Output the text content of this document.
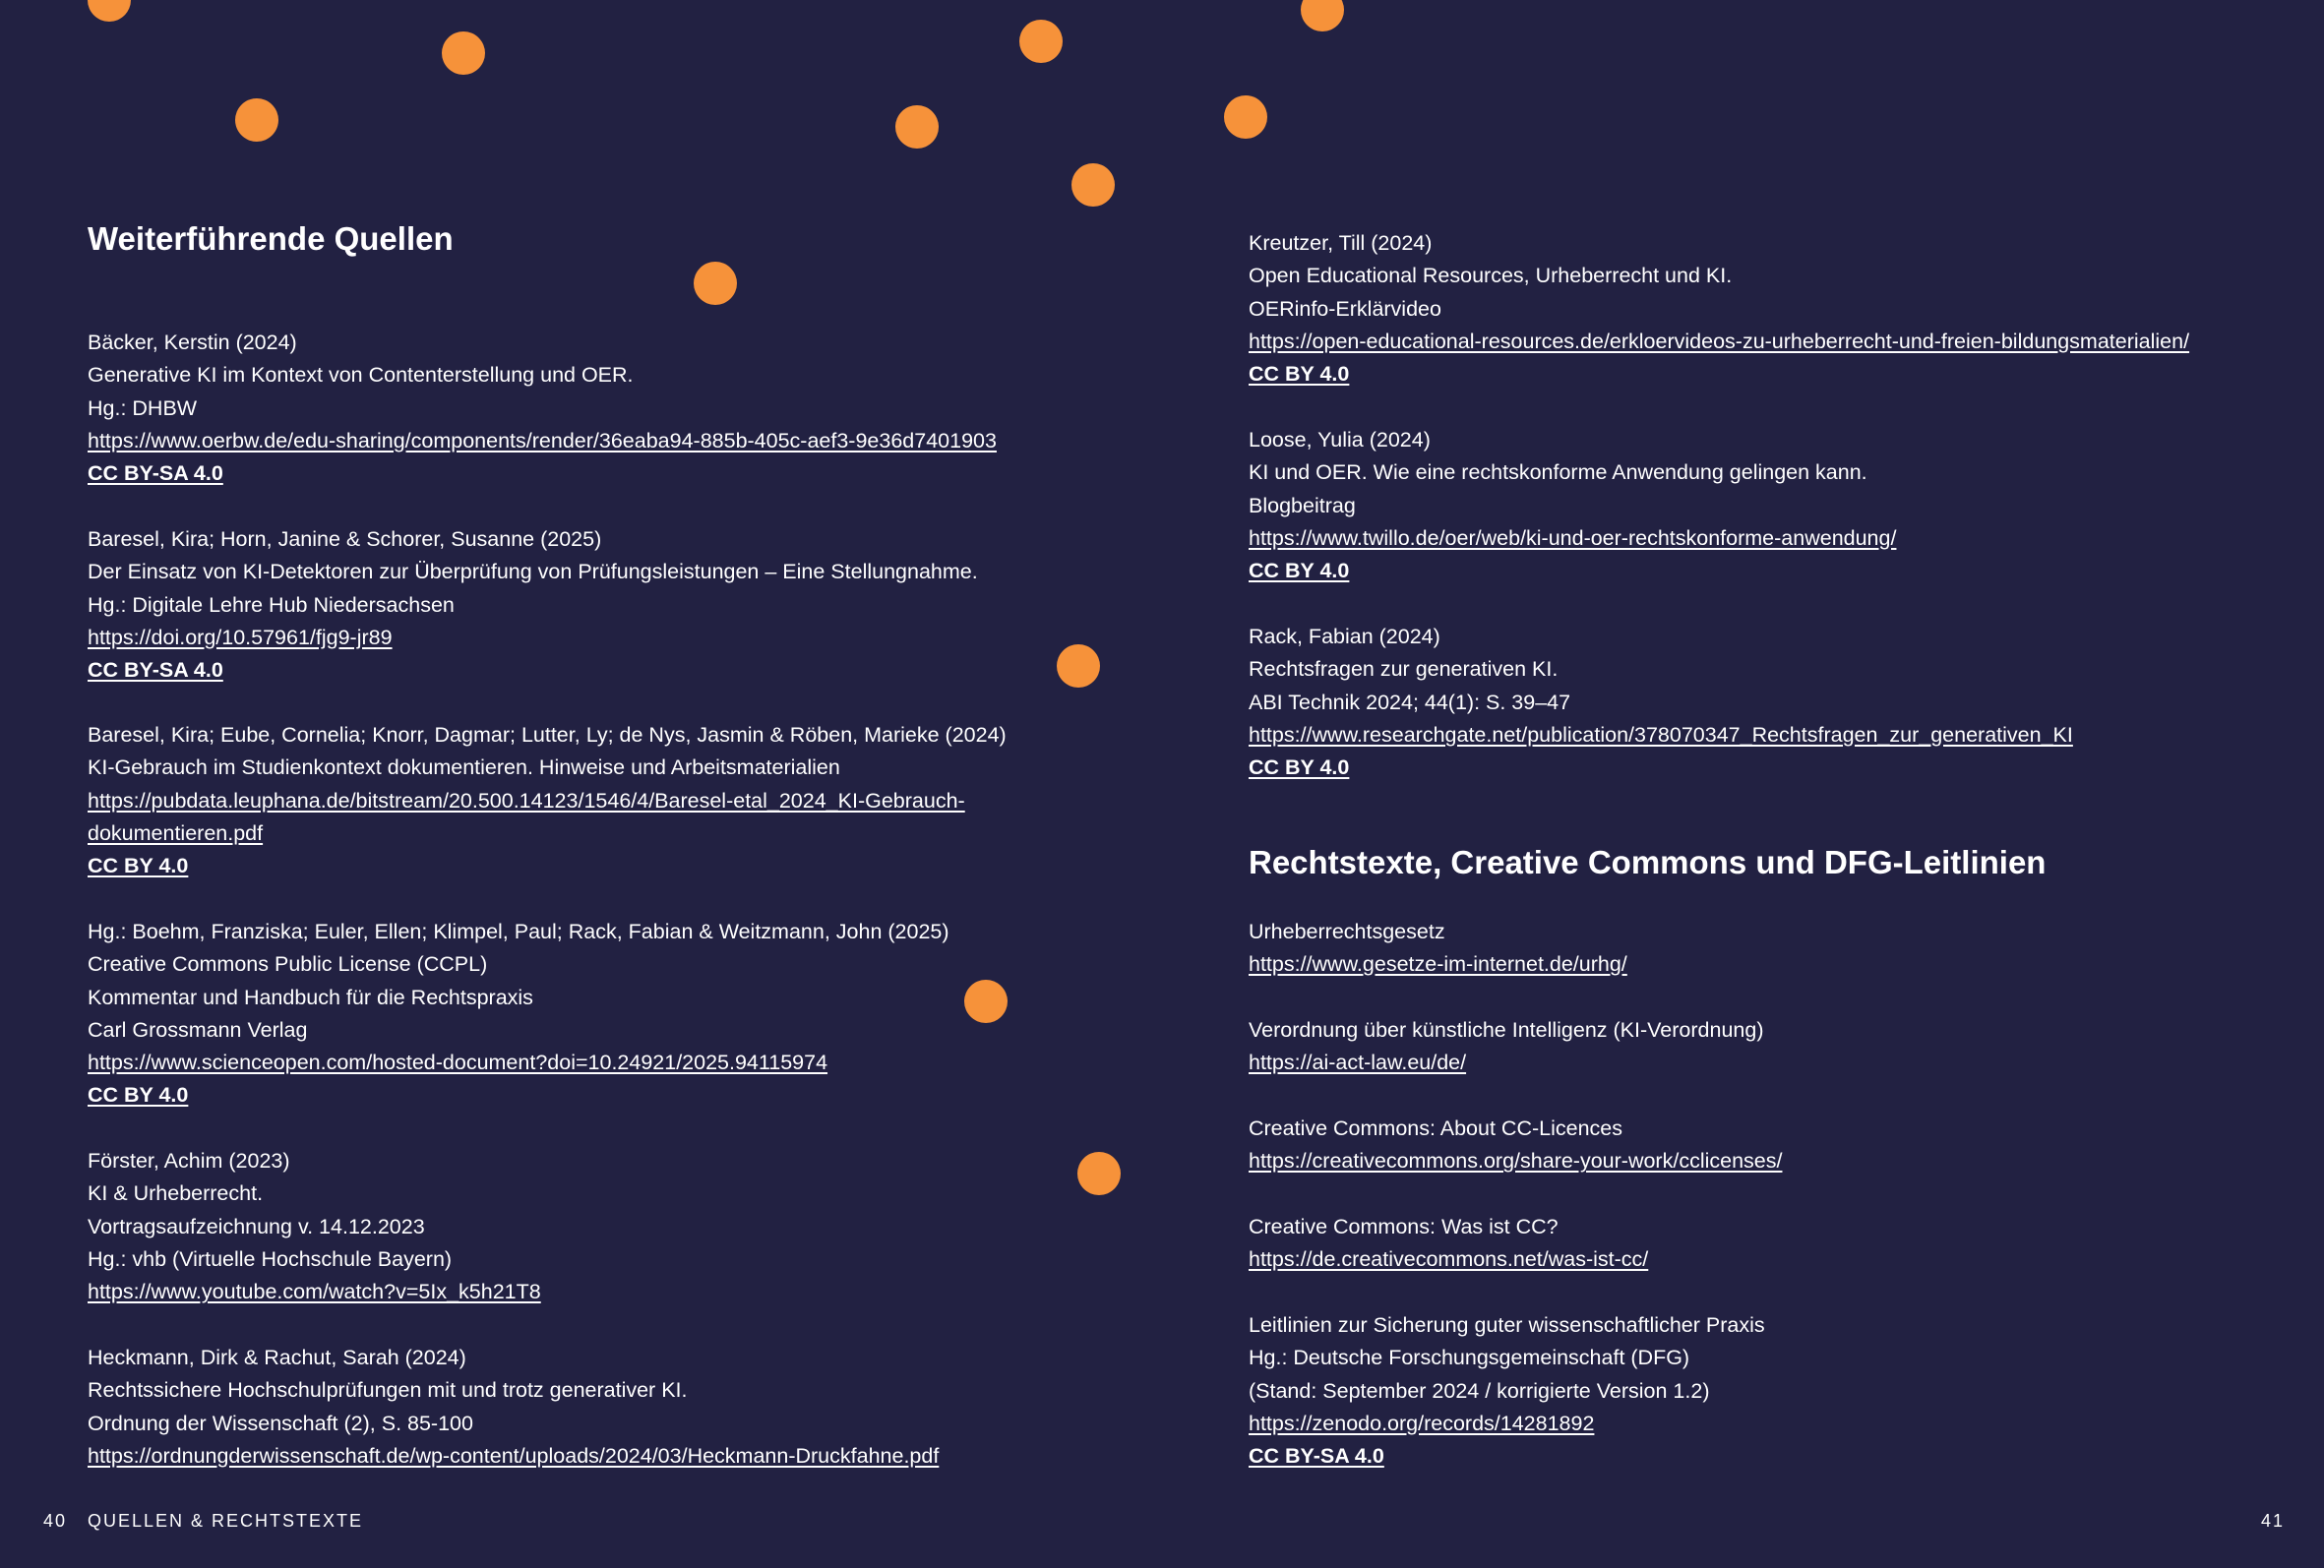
Weiterführende Quellen
Bäcker, Kerstin (2024)
Generative KI im Kontext von Contenterstellung und OER.
Hg.: DHBW
https://www.oerbw.de/edu-sharing/components/render/36eaba94-885b-405c-aef3-9e36d7401903
CC BY-SA 4.0
Baresel, Kira; Horn, Janine & Schorer, Susanne (2025)
Der Einsatz von KI-Detektoren zur Überprüfung von Prüfungsleistungen – Eine Stellungnahme.
Hg.: Digitale Lehre Hub Niedersachsen
https://doi.org/10.57961/fjg9-jr89
CC BY-SA 4.0
Baresel, Kira; Eube, Cornelia; Knorr, Dagmar; Lutter, Ly; de Nys, Jasmin & Röben, Marieke (2024)
KI-Gebrauch im Studienkontext dokumentieren. Hinweise und Arbeitsmaterialien
https://pubdata.leuphana.de/bitstream/20.500.14123/1546/4/Baresel-etal_2024_KI-Gebrauch-
dokumentieren.pdf
CC BY 4.0
Hg.: Boehm, Franziska; Euler, Ellen; Klimpel, Paul; Rack, Fabian & Weitzmann, John (2025)
Creative Commons Public License (CCPL)
Kommentar und Handbuch für die Rechtspraxis
Carl Grossmann Verlag
https://www.scienceopen.com/hosted-document?doi=10.24921/2025.94115974
CC BY 4.0
Förster, Achim (2023)
KI & Urheberrecht.
Vortragsaufzeichnung v. 14.12.2023
Hg.: vhb (Virtuelle Hochschule Bayern)
https://www.youtube.com/watch?v=5Ix_k5h21T8
Heckmann, Dirk & Rachut, Sarah (2024)
Rechtssichere Hochschulprüfungen mit und trotz generativer KI.
Ordnung der Wissenschaft (2), S. 85-100
https://ordnungderwissenschaft.de/wp-content/uploads/2024/03/Heckmann-Druckfahne.pdf
Kreutzer, Till (2024)
Open Educational Resources, Urheberrecht und KI.
OERinfo-Erklärvideo
https://open-educational-resources.de/erkloervideos-zu-urheberrecht-und-freien-bildungsmaterialien/
CC BY 4.0
Loose, Yulia (2024)
KI und OER. Wie eine rechtskonforme Anwendung gelingen kann.
Blogbeitrag
https://www.twillo.de/oer/web/ki-und-oer-rechtskonforme-anwendung/
CC BY 4.0
Rack, Fabian (2024)
Rechtsfragen zur generativen KI.
ABI Technik 2024; 44(1): S. 39–47
https://www.researchgate.net/publication/378070347_Rechtsfragen_zur_generativen_KI
CC BY 4.0
Rechtstexte, Creative Commons und DFG-Leitlinien
Urheberrechtsgesetz
https://www.gesetze-im-internet.de/urhg/
Verordnung über künstliche Intelligenz (KI-Verordnung)
https://ai-act-law.eu/de/
Creative Commons: About CC-Licences
https://creativecommons.org/share-your-work/cclicenses/
Creative Commons: Was ist CC?
https://de.creativecommons.net/was-ist-cc/
Leitlinien zur Sicherung guter wissenschaftlicher Praxis
Hg.: Deutsche Forschungsgemeinschaft (DFG)
(Stand: September 2024 / korrigierte Version 1.2)
https://zenodo.org/records/14281892
CC BY-SA 4.0
40 QUELLEN & RECHTSTEXTE	41
